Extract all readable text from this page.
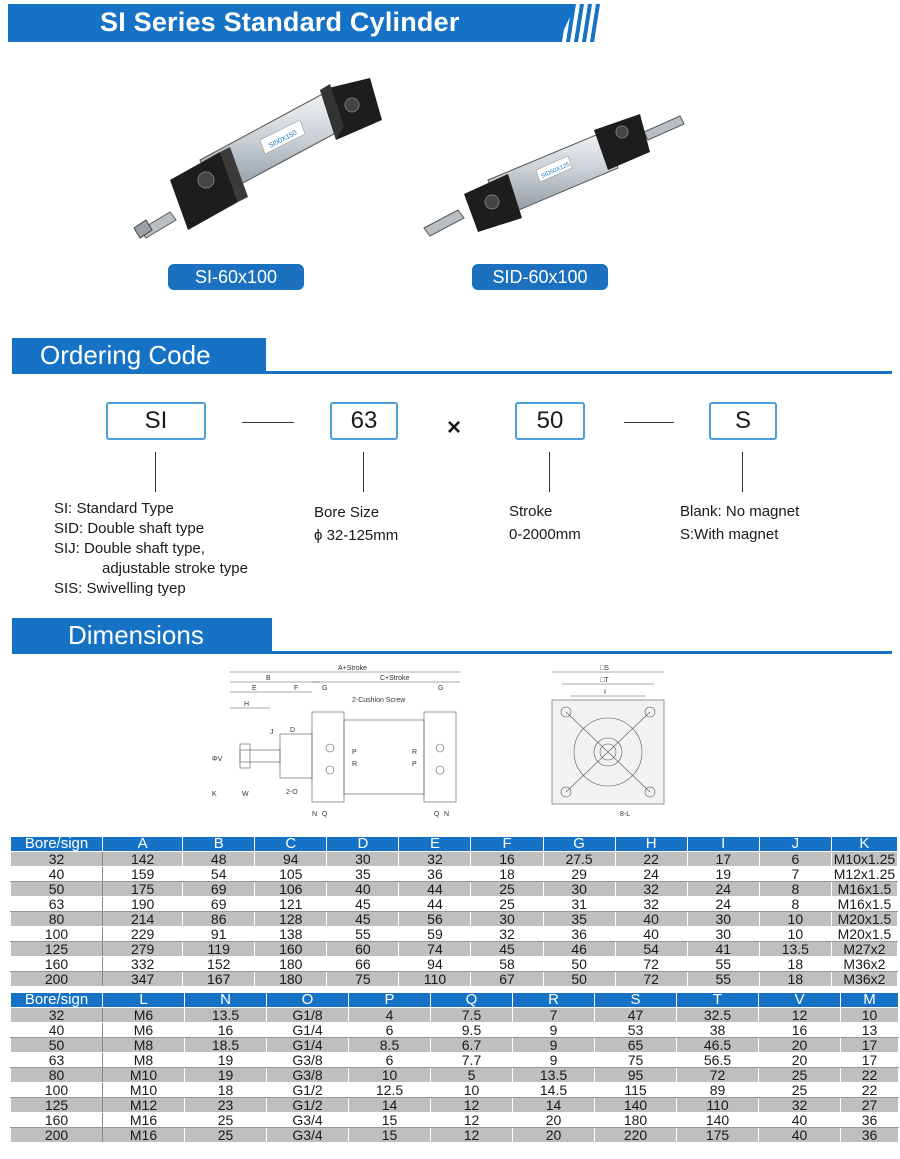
SI Series Standard Cylinder
SI50X150
SI-60x100
SID50X125
SID-60x100
Ordering Code
SI	63	×	50	S
SI: Standard Type
SID: Double shaft type
SIJ: Double shaft type,
adjustable stroke type
SIS: Swivelling tyep
Bore Size
ϕ 32-125mm
Stroke
0-2000mm
Blank: No magnet
S:With magnet
Dimensions
A+Stroke
B	C+Stroke
E	F	G	G
2-Cushion Screw
H
J D
ΦV
P
R
R
P
K	W	2-O
N Q	Q N
□S
□T
I
8-L
Bore/sign	A	B	C	D	E	F	G	H	I	J	K
32	142	48	94	30	32	16	27.5	22	17	6	M10x1.25
40	159	54	105	35	36	18	29	24	19	7	M12x1.25
50	175	69	106	40	44	25	30	32	24	8	M16x1.5
63	190	69	121	45	44	25	31	32	24	8	M16x1.5
80	214	86	128	45	56	30	35	40	30	10	M20x1.5
100	229	91	138	55	59	32	36	40	30	10	M20x1.5
125	279	119	160	60	74	45	46	54	41	13.5	M27x2
160	332	152	180	66	94	58	50	72	55	18	M36x2
200	347	167	180	75	110	67	50	72	55	18	M36x2
Bore/sign	L	N	O	P	Q	R	S	T	V	M
32	M6	13.5	G1/8	4	7.5	7	47	32.5	12	10
40	M6	16	G1/4	6	9.5	9	53	38	16	13
50	M8	18.5	G1/4	8.5	6.7	9	65	46.5	20	17
63	M8	19	G3/8	6	7.7	9	75	56.5	20	17
80	M10	19	G3/8	10	5	13.5	95	72	25	22
100	M10	18	G1/2	12.5	10	14.5	115	89	25	22
125	M12	23	G1/2	14	12	14	140	110	32	27
160	M16	25	G3/4	15	12	20	180	140	40	36
200	M16	25	G3/4	15	12	20	220	175	40	36
